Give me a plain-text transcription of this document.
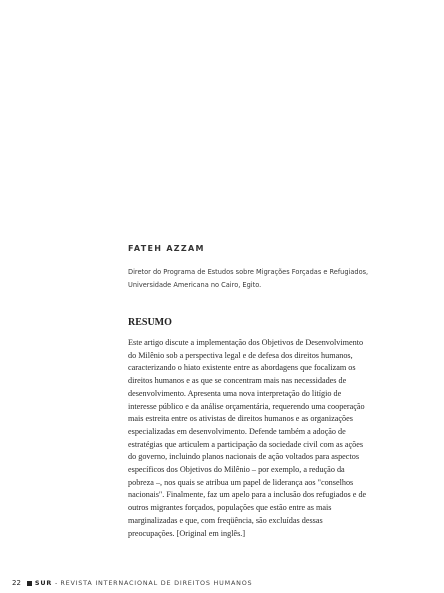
FATEH AZZAM

Diretor do Programa de Estudos sobre Migrações Forçadas e Refugiados,
Universidade Americana no Cairo, Egito.

RESUMO
Este artigo discute a implementação dos Objetivos de Desenvolvimento
do Milênio sob a perspectiva legal e de defesa dos direitos humanos,
caracterizando o hiato existente entre as abordagens que focalizam os
direitos humanos e as que se concentram mais nas necessidades de
desenvolvimento. Apresenta uma nova interpretação do litígio de
interesse público e da análise orçamentária, requerendo uma cooperação
mais estreita entre os ativistas de direitos humanos e as organizações
especializadas em desenvolvimento. Defende também a adoção de
estratégias que articulem a participação da sociedade civil com as ações
do governo, incluindo planos nacionais de ação voltados para aspectos
específicos dos Objetivos do Milênio – por exemplo, a redução da
pobreza –, nos quais se atribua um papel de liderança aos "conselhos
nacionais". Finalmente, faz um apelo para a inclusão dos refugiados e de
outros migrantes forçados, populações que estão entre as mais
marginalizadas e que, com freqüência, são excluídas dessas
preocupações. [Original em inglês.]
22 SUR - REVISTA INTERNACIONAL DE DIREITOS HUMANOS
